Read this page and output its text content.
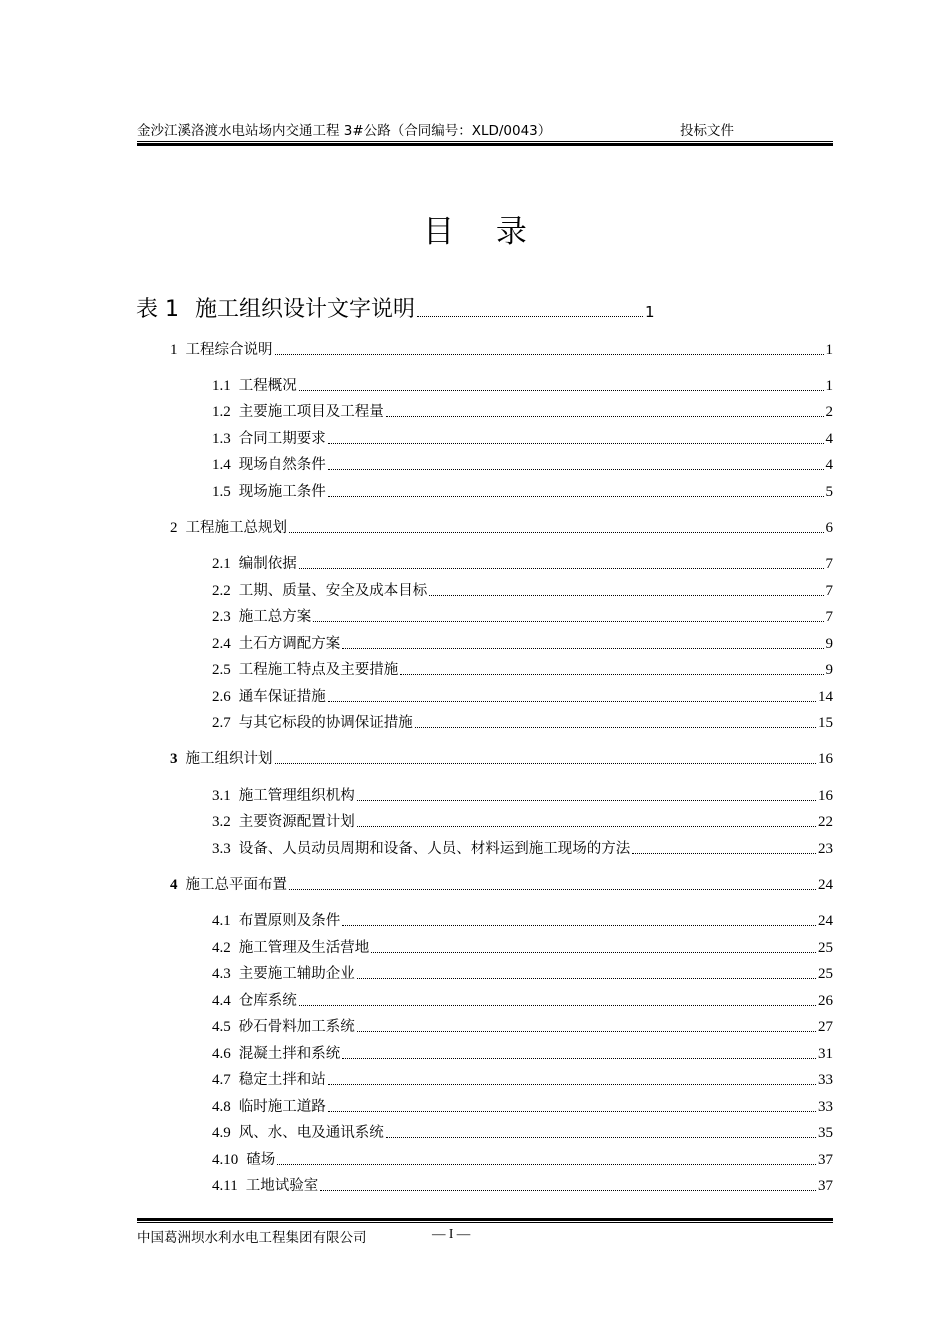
金沙江溪洛渡水电站场内交通工程 3#公路（合同编号：XLD/0043）	投标文件
目 录
表 1 施工组织设计文字说明	1
1 工程综合说明	1
1.1 工程概况	1
1.2 主要施工项目及工程量	2
1.3 合同工期要求	4
1.4 现场自然条件	4
1.5 现场施工条件	5
2 工程施工总规划	6
2.1 编制依据	7
2.2 工期、质量、安全及成本目标	7
2.3 施工总方案	7
2.4 土石方调配方案	9
2.5 工程施工特点及主要措施	9
2.6 通车保证措施	14
2.7 与其它标段的协调保证措施	15
3 施工组织计划	16
3.1 施工管理组织机构	16
3.2 主要资源配置计划	22
3.3 设备、人员动员周期和设备、人员、材料运到施工现场的方法	23
4 施工总平面布置	24
4.1 布置原则及条件	24
4.2 施工管理及生活营地	25
4.3 主要施工辅助企业	25
4.4 仓库系统	26
4.5 砂石骨料加工系统	27
4.6 混凝土拌和系统	31
4.7 稳定土拌和站	33
4.8 临时施工道路	33
4.9 风、水、电及通讯系统	35
4.10 碴场	37
4.11 工地试验室	37
中国葛洲坝水利水电工程集团有限公司	— I —
